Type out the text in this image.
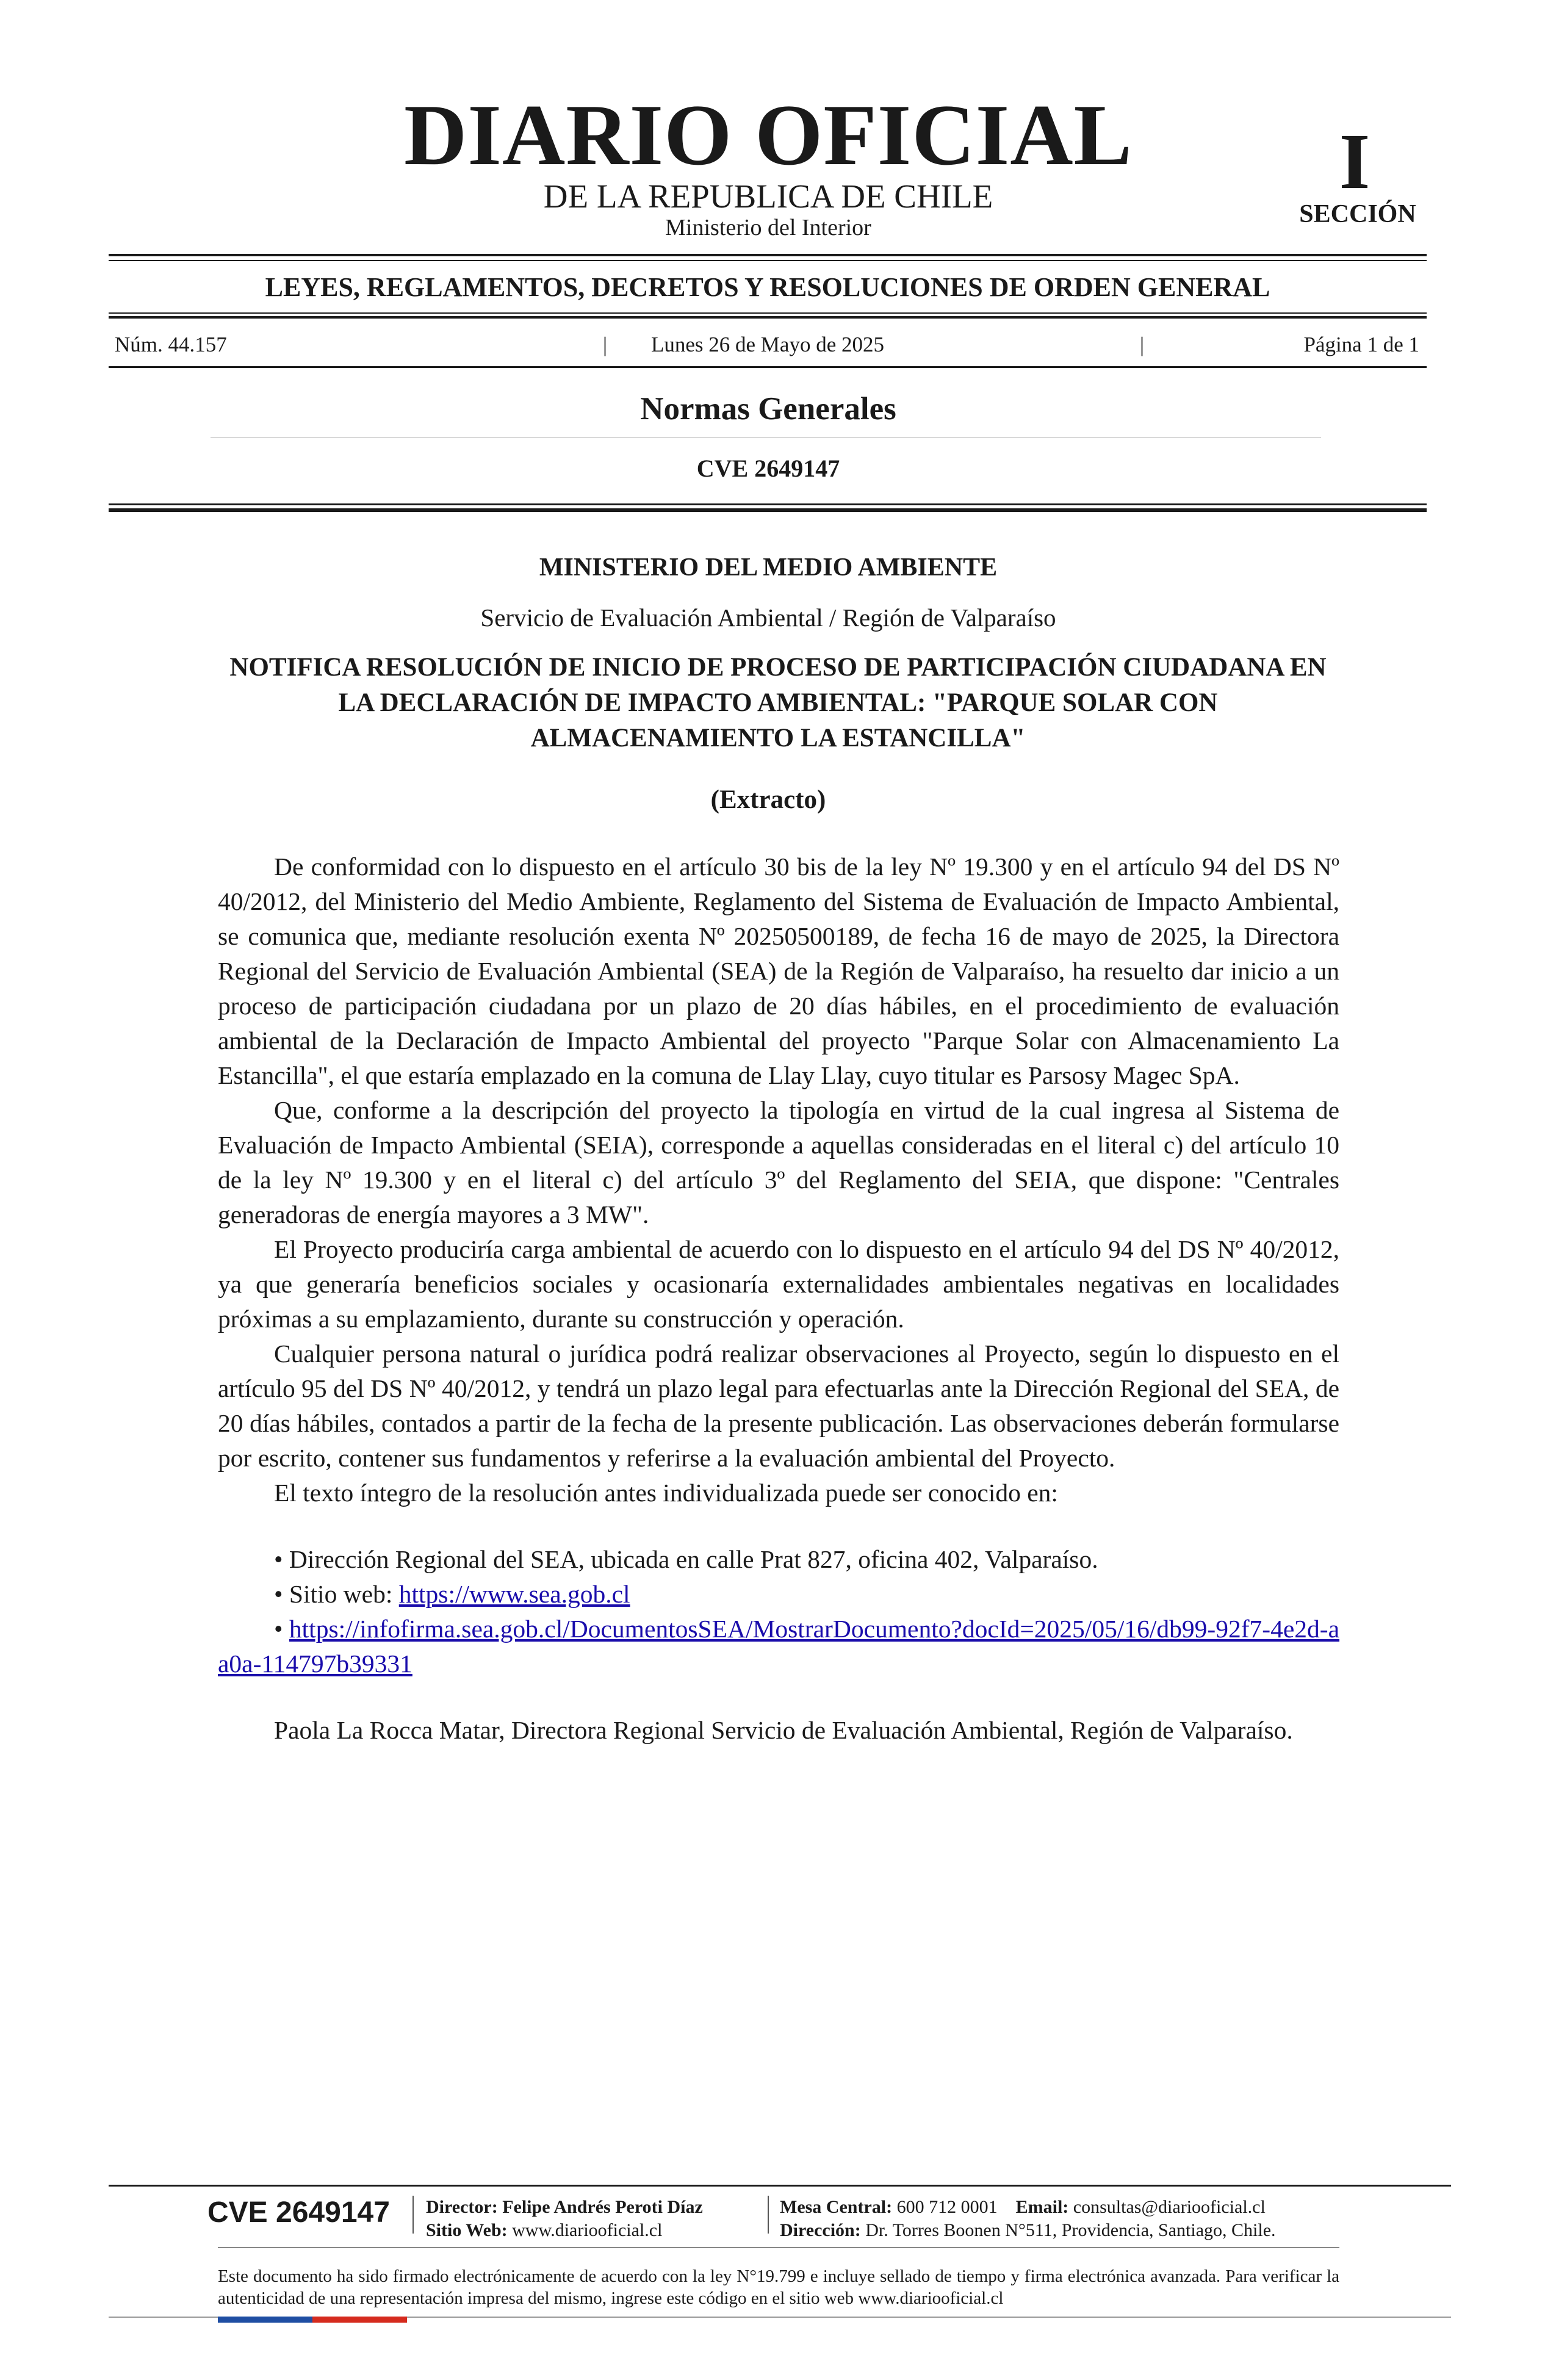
DIARIO OFICIAL
DE LA REPUBLICA DE CHILE
Ministerio del Interior
I
SECCIÓN
LEYES, REGLAMENTOS, DECRETOS Y RESOLUCIONES DE ORDEN GENERAL
Núm. 44.157	|	Lunes 26 de Mayo de 2025	|	Página 1 de 1
Normas Generales
CVE 2649147
MINISTERIO DEL MEDIO AMBIENTE
Servicio de Evaluación Ambiental / Región de Valparaíso
NOTIFICA RESOLUCIÓN DE INICIO DE PROCESO DE PARTICIPACIÓN CIUDADANA EN LA DECLARACIÓN DE IMPACTO AMBIENTAL: "PARQUE SOLAR CON ALMACENAMIENTO LA ESTANCILLA"
(Extracto)

De conformidad con lo dispuesto en el artículo 30 bis de la ley Nº 19.300 y en el artículo 94 del DS Nº 40/2012, del Ministerio del Medio Ambiente, Reglamento del Sistema de Evaluación de Impacto Ambiental, se comunica que, mediante resolución exenta Nº 20250500189, de fecha 16 de mayo de 2025, la Directora Regional del Servicio de Evaluación Ambiental (SEA) de la Región de Valparaíso, ha resuelto dar inicio a un proceso de participación ciudadana por un plazo de 20 días hábiles, en el procedimiento de evaluación ambiental de la Declaración de Impacto Ambiental del proyecto "Parque Solar con Almacenamiento La Estancilla", el que estaría emplazado en la comuna de Llay Llay, cuyo titular es Parsosy Magec SpA.

Que, conforme a la descripción del proyecto la tipología en virtud de la cual ingresa al Sistema de Evaluación de Impacto Ambiental (SEIA), corresponde a aquellas consideradas en el literal c) del artículo 10 de la ley Nº 19.300 y en el literal c) del artículo 3º del Reglamento del SEIA, que dispone: "Centrales generadoras de energía mayores a 3 MW".

El Proyecto produciría carga ambiental de acuerdo con lo dispuesto en el artículo 94 del DS Nº 40/2012, ya que generaría beneficios sociales y ocasionaría externalidades ambientales negativas en localidades próximas a su emplazamiento, durante su construcción y operación.

Cualquier persona natural o jurídica podrá realizar observaciones al Proyecto, según lo dispuesto en el artículo 95 del DS Nº 40/2012, y tendrá un plazo legal para efectuarlas ante la Dirección Regional del SEA, de 20 días hábiles, contados a partir de la fecha de la presente publicación. Las observaciones deberán formularse por escrito, contener sus fundamentos y referirse a la evaluación ambiental del Proyecto.

El texto íntegro de la resolución antes individualizada puede ser conocido en:

• Dirección Regional del SEA, ubicada en calle Prat 827, oficina 402, Valparaíso.

• Sitio web: https://www.sea.gob.cl

• https://infofirma.sea.gob.cl/DocumentosSEA/MostrarDocumento?docId=2025/05/16/db99-92f7-4e2d-aa0a-114797b39331

Paola La Rocca Matar, Directora Regional Servicio de Evaluación Ambiental, Región de Valparaíso.

CVE 2649147 Director: Felipe Andrés Peroti Díaz
Sitio Web: www.diariooficial.cl
Mesa Central: 600 712 0001 Email: consultas@diariooficial.cl
Dirección: Dr. Torres Boonen N°511, Providencia, Santiago, Chile.
Este documento ha sido firmado electrónicamente de acuerdo con la ley N°19.799 e incluye sellado de tiempo y firma electrónica avanzada. Para verificar la autenticidad de una representación impresa del mismo, ingrese este código en el sitio web www.diariooficial.cl
